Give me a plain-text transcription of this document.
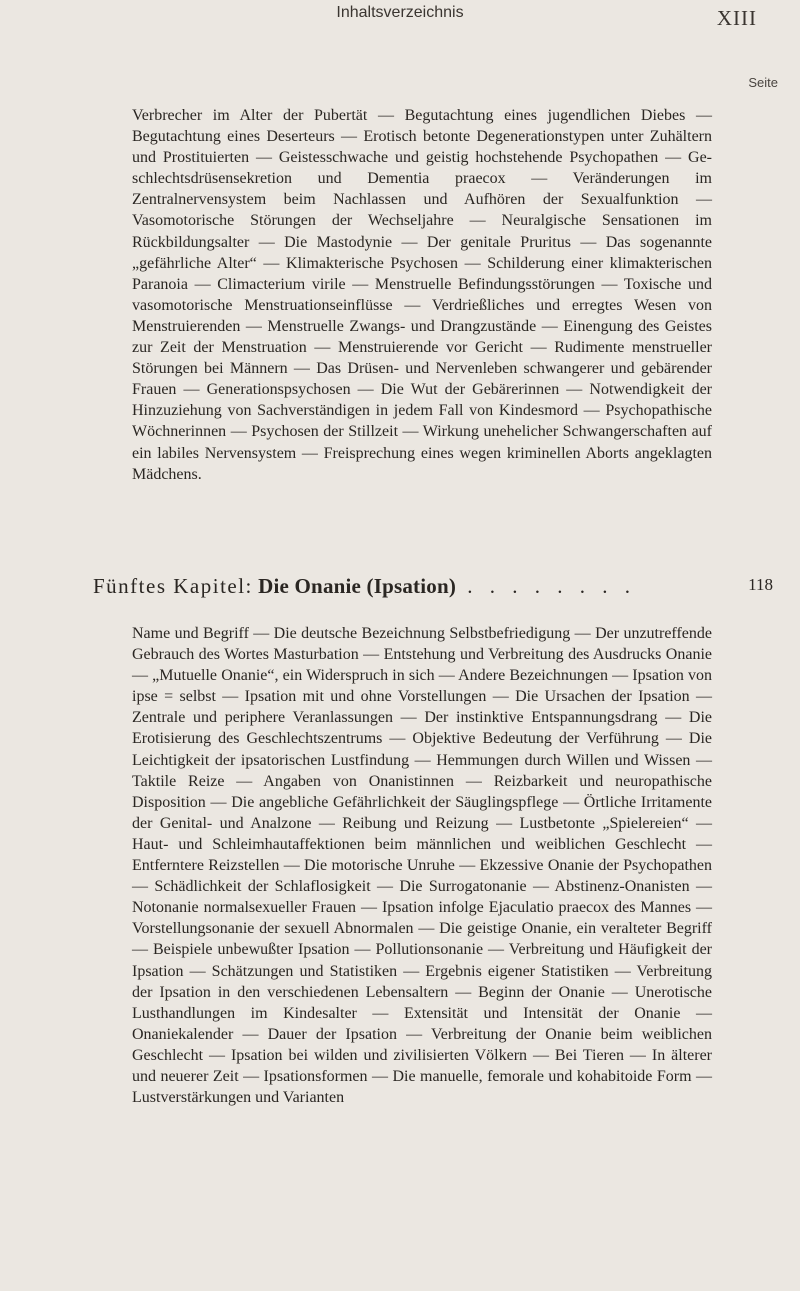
Inhaltsverzeichnis	XIII
Seite

Verbrecher im Alter der Pubertät — Begutachtung eines jugendlichen Diebes — Begutachtung eines Deserteurs — Erotisch betonte Degenerationstypen unter Zuhältern und Prostituierten — Geistesschwache und geistig hochstehende Psychopathen — Geschlechtsdrüsensekretion und Dementia praecox — Veränderungen im Zentralnervensystem beim Nachlassen und Aufhören der Sexualfunktion — Vasomotorische Störungen der Wechseljahre — Neuralgische Sensationen im Rückbildungsalter — Die Mastodynie — Der genitale Pruritus — Das sogenannte „gefährliche Alter“ — Klimakterische Psychosen — Schilderung einer klimakterischen Paranoia — Climacterium virile — Menstruelle Befindungsstörungen — Toxische und vasomotorische Menstruationseinflüsse — Verdrießliches und erregtes Wesen von Menstruierenden — Menstruelle Zwangs- und Drangzustände — Einengung des Geistes zur Zeit der Menstruation — Menstruierende vor Gericht — Rudimente menstrueller Störungen bei Männern — Das Drüsen- und Nervenleben schwangerer und gebärender Frauen — Generationspsychosen — Die Wut der Gebärerinnen — Notwendigkeit der Hinzuziehung von Sachverständigen in jedem Fall von Kindesmord — Psychopathische Wöchnerinnen — Psychosen der Stillzeit — Wirkung unehelicher Schwangerschaften auf ein labiles Nervensystem — Freisprechung eines wegen kriminellen Aborts angeklagten Mädchens.

Fünftes Kapitel: Die Onanie (Ipsation) . . . . . . . .	118

Name und Begriff — Die deutsche Bezeichnung Selbstbefriedigung — Der unzutreffende Gebrauch des Wortes Masturbation — Entstehung und Verbreitung des Ausdrucks Onanie — „Mutuelle Onanie“, ein Widerspruch in sich — Andere Bezeichnungen — Ipsation von ipse = selbst — Ipsation mit und ohne Vorstellungen — Die Ursachen der Ipsation — Zentrale und periphere Veranlassungen — Der instinktive Entspannungsdrang — Die Erotisierung des Geschlechtszentrums — Objektive Bedeutung der Verführung — Die Leichtigkeit der ipsatorischen Lustfindung — Hemmungen durch Willen und Wissen — Taktile Reize — Angaben von Onanistinnen — Reizbarkeit und neuropathische Disposition — Die angebliche Gefährlichkeit der Säuglingspflege — Örtliche Irritamente der Genital- und Analzone — Reibung und Reizung — Lustbetonte „Spielereien“ — Haut- und Schleimhautaffektionen beim männlichen und weiblichen Geschlecht — Entferntere Reizstellen — Die motorische Unruhe — Ekzessive Onanie der Psychopathen — Schädlichkeit der Schlaflosigkeit — Die Surrogatonanie — Abstinenz-Onanisten — Notonanie normalsexueller Frauen — Ipsation infolge Ejaculatio praecox des Mannes — Vorstellungsonanie der sexuell Abnormalen — Die geistige Onanie, ein veralteter Begriff — Beispiele unbewußter Ipsation — Pollutionsonanie — Verbreitung und Häufigkeit der Ipsation — Schätzungen und Statistiken — Ergebnis eigener Statistiken — Verbreitung der Ipsation in den verschiedenen Lebensaltern — Beginn der Onanie — Unerotische Lusthandlungen im Kindesalter — Extensität und Intensität der Onanie — Onaniekalender — Dauer der Ipsation — Verbreitung der Onanie beim weiblichen Geschlecht — Ipsation bei wilden und zivilisierten Völkern — Bei Tieren — In älterer und neuerer Zeit — Ipsationsformen — Die manuelle, femorale und kohabitoide Form — Lustverstärkungen und Varianten
